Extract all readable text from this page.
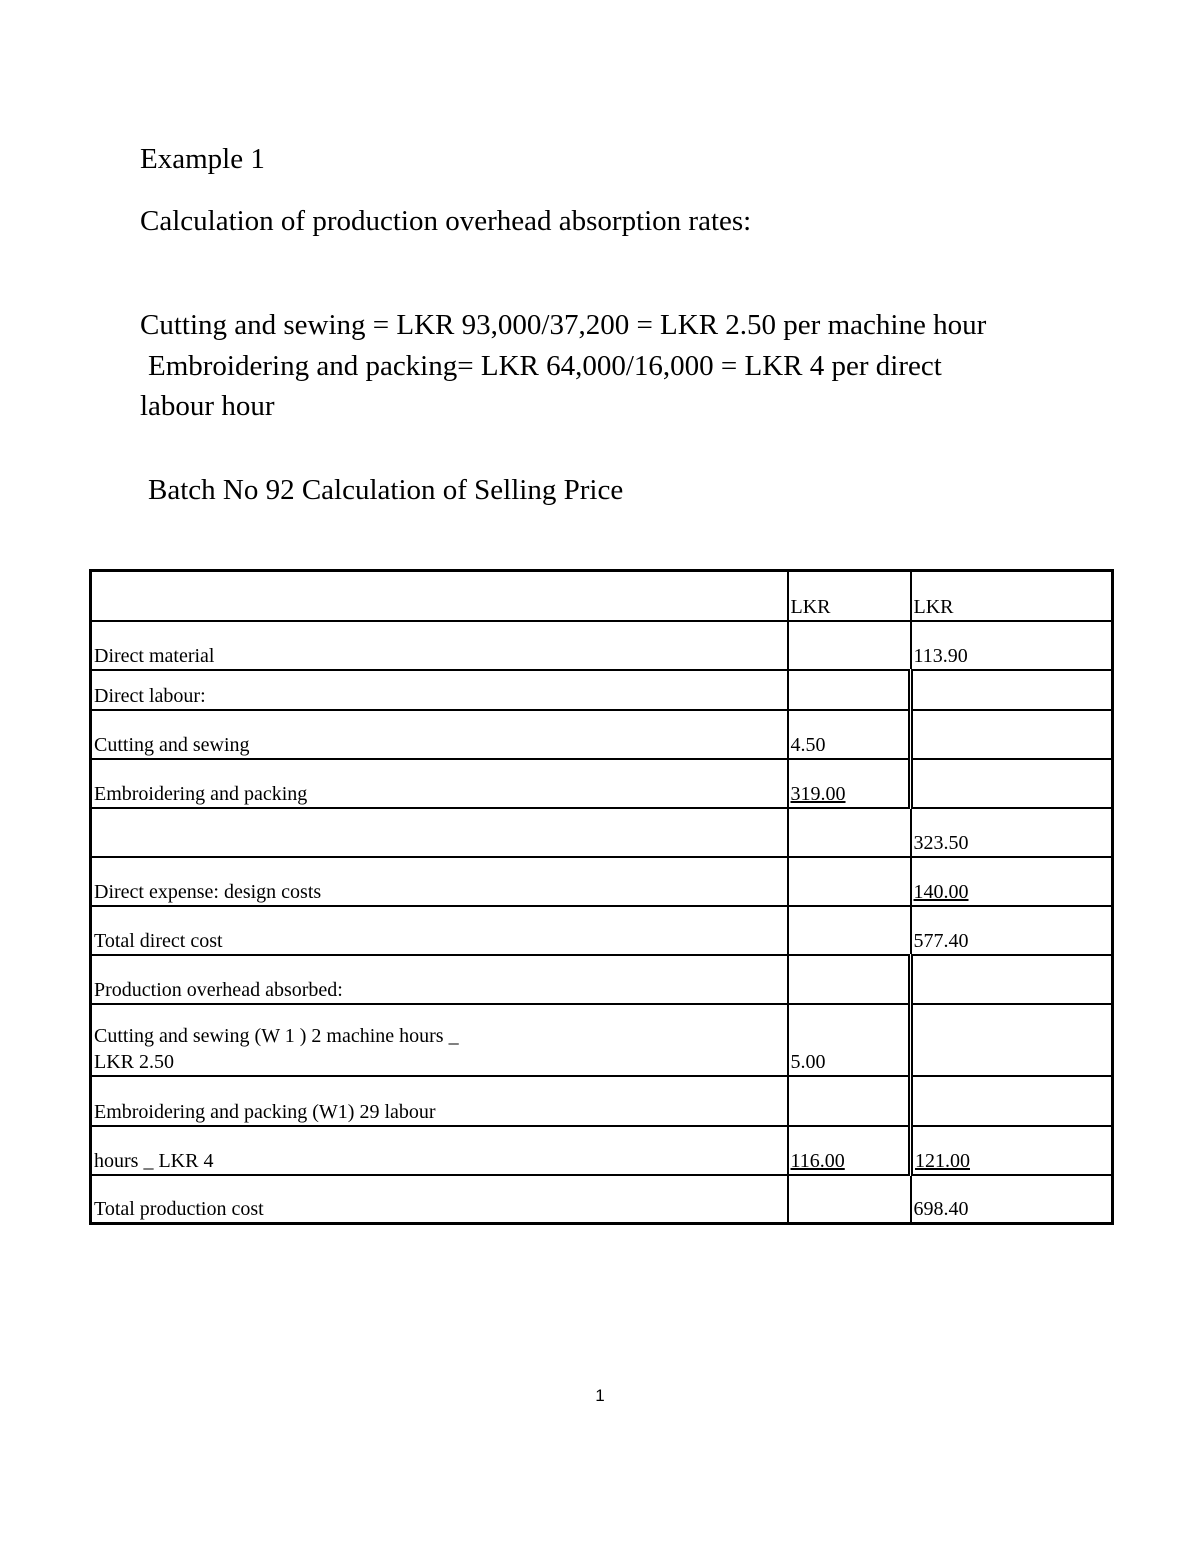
Example 1
Calculation of production overhead absorption rates:
Cutting and sewing = LKR 93,000/37,200 = LKR 2.50 per machine hour
Embroidering and packing= LKR 64,000/16,000 = LKR 4 per direct
labour hour
Batch No 92 Calculation of Selling Price
	LKR	LKR
Direct material		113.90
Direct labour:		
Cutting and sewing	4.50	
Embroidering and packing	319.00	
		323.50
Direct expense: design costs		140.00
Total direct cost		577.40
Production overhead absorbed:		

Cutting and sewing (W 1 ) 2 machine hours _
LKR 2.50	5.00	
Embroidering and packing (W1) 29 labour		
hours _ LKR 4	116.00	121.00
Total production cost		698.40
1
